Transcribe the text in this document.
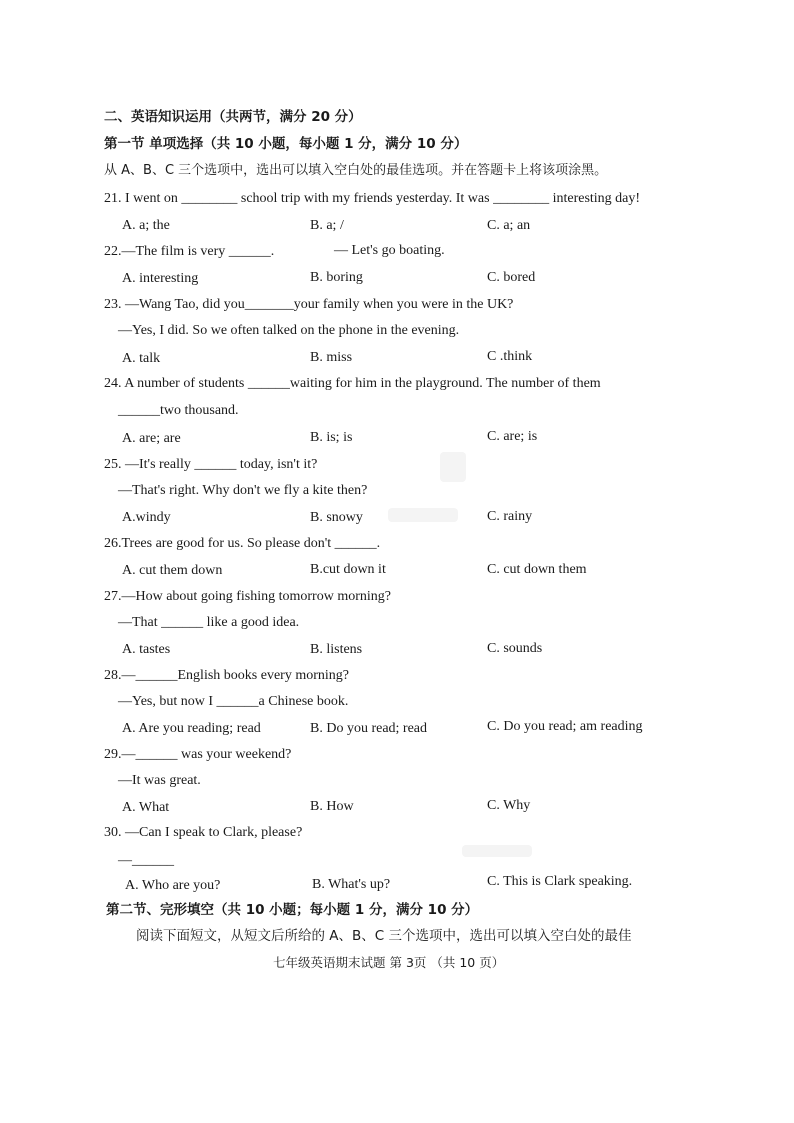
二、英语知识运用（共两节，满分 20 分）
第一节 单项选择（共 10 小题，每小题 1 分，满分 10 分）
从 A、B、C 三个选项中，选出可以填入空白处的最佳选项。并在答题卡上将该项涂黑。
21. I went on ________ school trip with my friends yesterday. It was ________ interesting day!
A. a; the	B. a; /	C. a; an
22.—The film is very ______.	— Let's go boating.
A. interesting	B. boring	C. bored
23. —Wang Tao, did you_______your family when you were in the UK?
—Yes, I did. So we often talked on the phone in the evening.
A. talk	B. miss	C .think
24. A number of students ______waiting for him in the playground. The number of them
______two thousand.
A. are; are	B. is; is	C. are; is
25. —It's really ______ today, isn't it?
—That's right. Why don't we fly a kite then?
A.windy	B. snowy	C. rainy
26.Trees are good for us. So please don't ______.
A. cut them down	B.cut down it	C. cut down them
27.—How about going fishing tomorrow morning?
—That ______ like a good idea.
A. tastes	B. listens	C. sounds
28.—______English books every morning?
—Yes, but now I ______a Chinese book.
A. Are you reading; read	B. Do you read; read	C. Do you read; am reading
29.—______ was your weekend?
—It was great.
A. What	B. How	C. Why
30. —Can I speak to Clark, please?
—______
A. Who are you?	B. What's up?	C. This is Clark speaking.
第二节、完形填空（共 10 小题；每小题 1 分，满分 10 分）
阅读下面短文，从短文后所给的 A、B、C 三个选项中，选出可以填入空白处的最佳
七年级英语期末试题 第 3页 （共 10 页）
